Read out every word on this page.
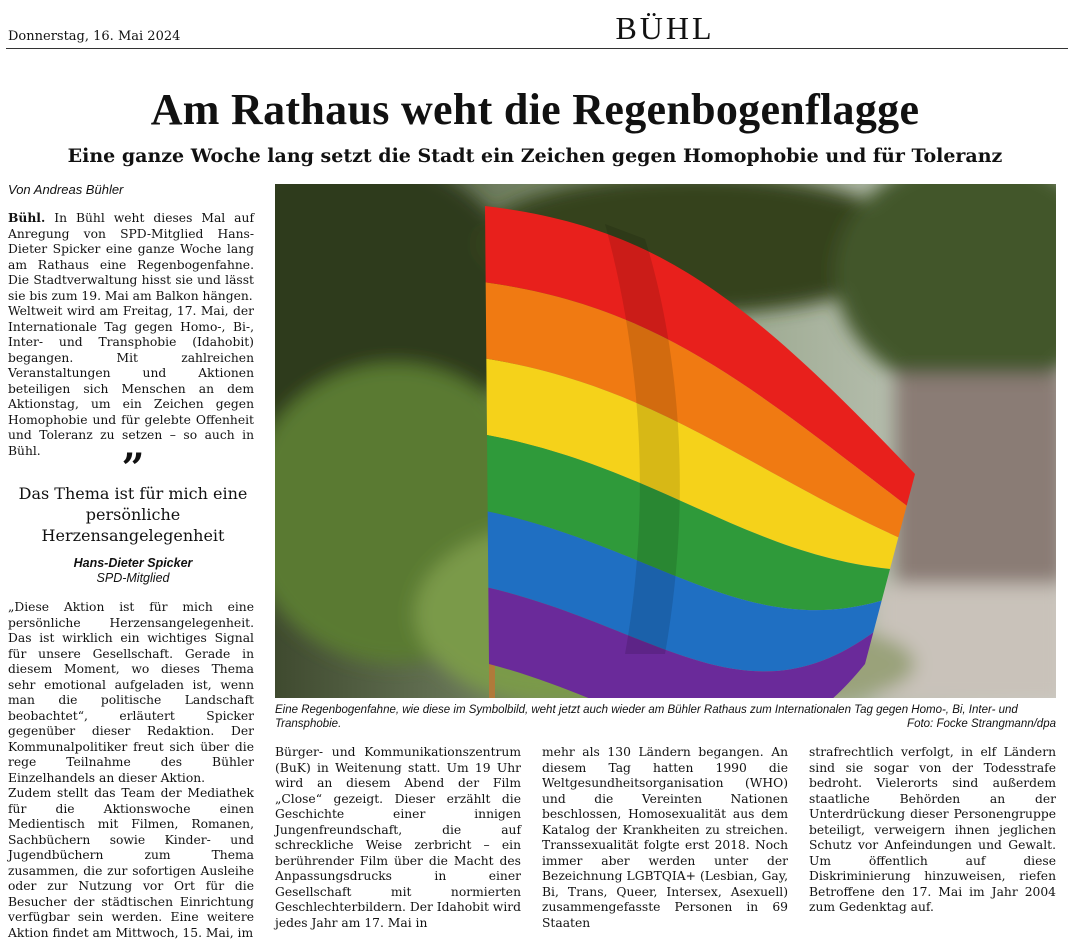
Donnerstag, 16. Mai 2024	BÜHL
Am Rathaus weht die Regenbogenflagge
Eine ganze Woche lang setzt die Stadt ein Zeichen gegen Homophobie und für Toleranz
Von Andreas Bühler

Bühl. In Bühl weht dieses Mal auf Anregung von SPD-Mitglied Hans-Dieter Spicker eine ganze Woche lang am Rathaus eine Regenbogenfahne. Die Stadtverwaltung hisst sie und lässt sie bis zum 19. Mai am Balkon hängen.

Weltweit wird am Freitag, 17. Mai, der Internationale Tag gegen Homo-, Bi-, Inter- und Transphobie (Idahobit) begangen. Mit zahlreichen Veranstaltungen und Aktionen beteiligen sich Menschen an dem Aktionstag, um ein Zeichen gegen Homophobie und für gelebte Offenheit und Toleranz zu setzen – so auch in Bühl.	”
Das Thema ist für mich eine persönliche Herzensangelegenheit
Hans-Dieter Spicker
SPD-Mitglied

„Diese Aktion ist für mich eine persönliche Herzensangelegenheit. Das ist wirklich ein wichtiges Signal für unsere Gesellschaft. Gerade in diesem Moment, wo dieses Thema sehr emotional aufgeladen ist, wenn man die politische Landschaft beobachtet“, erläutert Spicker gegenüber dieser Redaktion. Der Kommunalpolitiker freut sich über die rege Teilnahme des Bühler Einzelhandels an dieser Aktion.

Zudem stellt das Team der Mediathek für die Aktionswoche einen Medientisch mit Filmen, Romanen, Sachbüchern sowie Kinder- und Jugendbüchern zum Thema zusammen, die zur sofortigen Ausleihe oder zur Nutzung vor Ort für die Besucher der städtischen Einrichtung verfügbar sein werden. Eine weitere Aktion findet am Mittwoch, 15. Mai, im

Eine Regenbogenfahne, wie diese im Symbolbild, weht jetzt auch wieder am Bühler Rathaus zum Internationalen Tag gegen Homo-, Bi, Inter- und Transphobie.	Foto: Focke Strangmann/dpa

Bürger- und Kommunikationszentrum (BuK) in Weitenung statt. Um 19 Uhr wird an diesem Abend der Film „Close“ gezeigt. Dieser erzählt die Geschichte einer innigen Jungenfreundschaft, die auf schreckliche Weise zerbricht – ein berührender Film über die Macht des Anpassungsdrucks in einer Gesellschaft mit normierten Geschlechterbildern. Der Idahobit wird jedes Jahr am 17. Mai in

mehr als 130 Ländern begangen. An diesem Tag hatten 1990 die Weltgesundheitsorganisation (WHO) und die Vereinten Nationen beschlossen, Homosexualität aus dem Katalog der Krankheiten zu streichen. Transsexualität folgte erst 2018. Noch immer aber werden unter der Bezeichnung LGBTQIA+ (Lesbian, Gay, Bi, Trans, Queer, Intersex, Asexuell) zusammengefasste Personen in 69 Staaten

strafrechtlich verfolgt, in elf Ländern sind sie sogar von der Todesstrafe bedroht. Vielerorts sind außerdem staatliche Behörden an der Unterdrückung dieser Personengruppe beteiligt, verweigern ihnen jeglichen Schutz vor Anfeindungen und Gewalt. Um öffentlich auf diese Diskriminierung hinzuweisen, riefen Betroffene den 17. Mai im Jahr 2004 zum Gedenktag auf.
